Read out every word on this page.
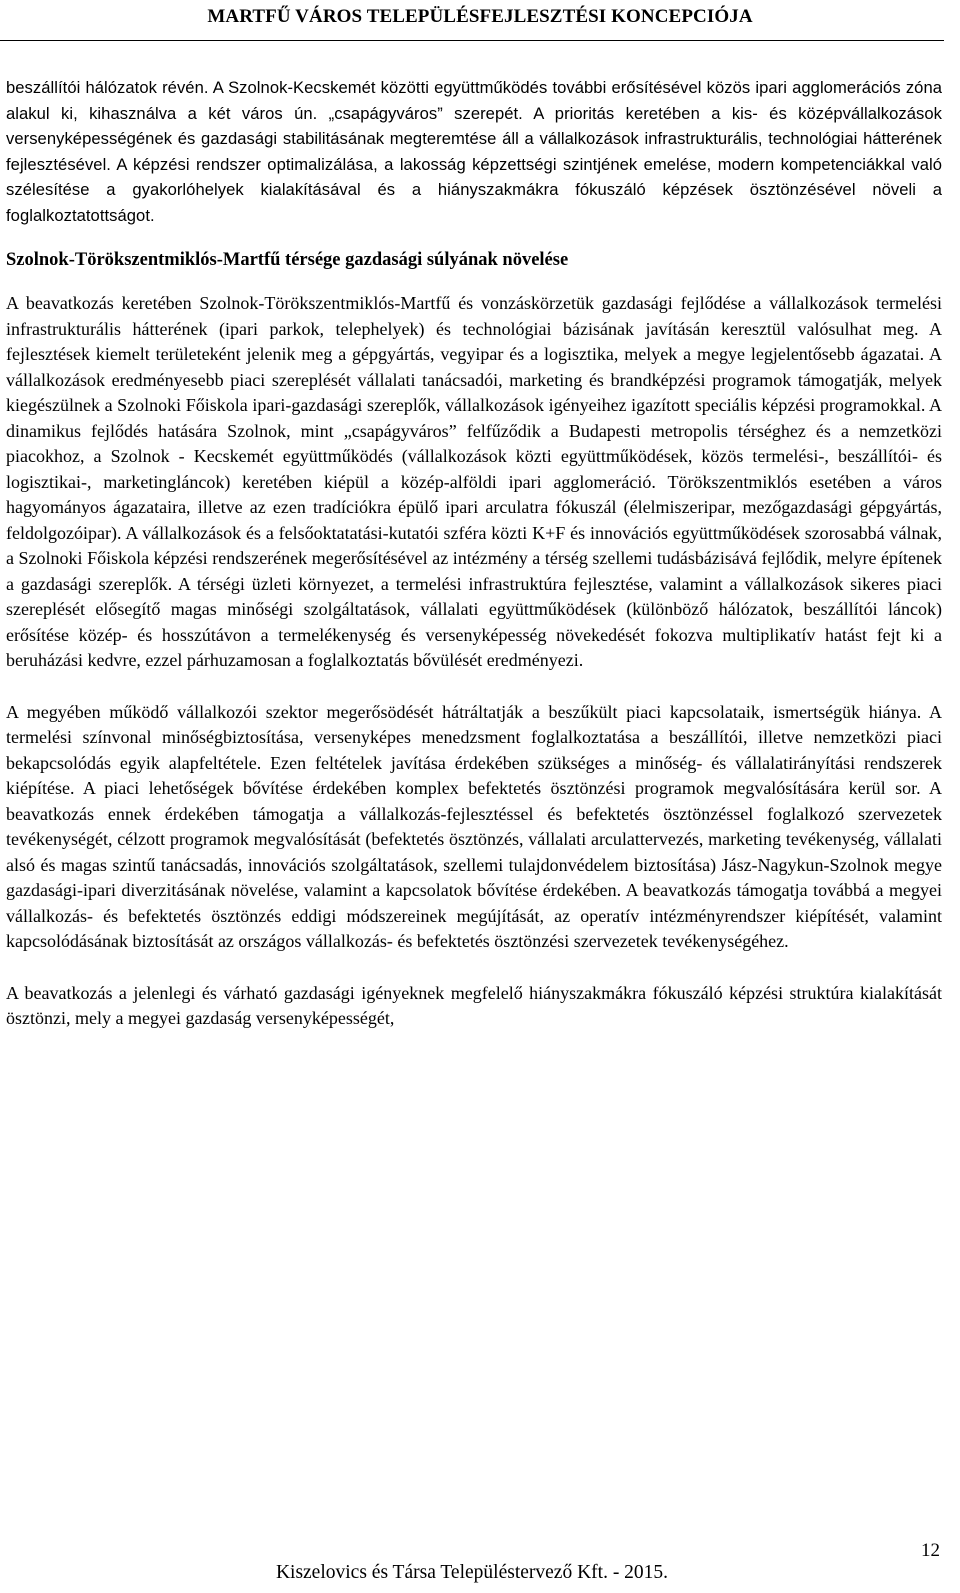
MARTFŰ VÁROS TELEPÜLÉSFEJLESZTÉSI KONCEPCIÓJA

beszállítói hálózatok révén. A Szolnok-Kecskemét közötti együttműködés további erősítésével közös ipari agglomerációs zóna alakul ki, kihasználva a két város ún. „csapágyváros” szerepét. A prioritás keretében a kis- és középvállalkozások versenyképességének és gazdasági stabilitásának megteremtése áll a vállalkozások infrastrukturális, technológiai hátterének fejlesztésével. A képzési rendszer optimalizálása, a lakosság képzettségi szintjének emelése, modern kompetenciákkal való szélesítése a gyakorlóhelyek kialakításával és a hiányszakmákra fókuszáló képzések ösztönzésével növeli a foglalkoztatottságot.

Szolnok-Törökszentmiklós-Martfű térsége gazdasági súlyának növelése

A beavatkozás keretében Szolnok-Törökszentmiklós-Martfű és vonzáskörzetük gazdasági fejlődése a vállalkozások termelési infrastrukturális hátterének (ipari parkok, telephelyek) és technológiai bázisának javításán keresztül valósulhat meg. A fejlesztések kiemelt területeként jelenik meg a gépgyártás, vegyipar és a logisztika, melyek a megye legjelentősebb ágazatai. A vállalkozások eredményesebb piaci szereplését vállalati tanácsadói, marketing és brandképzési programok támogatják, melyek kiegészülnek a Szolnoki Főiskola ipari-gazdasági szereplők, vállalkozások igényeihez igazított speciális képzési programokkal. A dinamikus fejlődés hatására Szolnok, mint „csapágyváros” felfűződik a Budapesti metropolis térséghez és a nemzetközi piacokhoz, a Szolnok - Kecskemét együttműködés (vállalkozások közti együttműködések, közös termelési-, beszállítói- és logisztikai-, marketingláncok) keretében kiépül a közép-alföldi ipari agglomeráció. Törökszentmiklós esetében a város hagyományos ágazataira, illetve az ezen tradíciókra épülő ipari arculatra fókuszál (élelmiszeripar, mezőgazdasági gépgyártás, feldolgozóipar). A vállalkozások és a felsőoktatatási-kutatói szféra közti K+F és innovációs együttműködések szorosabbá válnak, a Szolnoki Főiskola képzési rendszerének megerősítésével az intézmény a térség szellemi tudásbázisává fejlődik, melyre építenek a gazdasági szereplők. A térségi üzleti környezet, a termelési infrastruktúra fejlesztése, valamint a vállalkozások sikeres piaci szereplését elősegítő magas minőségi szolgáltatások, vállalati együttműködések (különböző hálózatok, beszállítói láncok) erősítése közép- és hosszútávon a termelékenység és versenyképesség növekedését fokozva multiplikatív hatást fejt ki a beruházási kedvre, ezzel párhuzamosan a foglalkoztatás bővülését eredményezi.

A megyében működő vállalkozói szektor megerősödését hátráltatják a beszűkült piaci kapcsolataik, ismertségük hiánya. A termelési színvonal minőségbiztosítása, versenyképes menedzsment foglalkoztatása a beszállítói, illetve nemzetközi piaci bekapcsolódás egyik alapfeltétele. Ezen feltételek javítása érdekében szükséges a minőség- és vállalatirányítási rendszerek kiépítése. A piaci lehetőségek bővítése érdekében komplex befektetés ösztönzési programok megvalósítására kerül sor. A beavatkozás ennek érdekében támogatja a vállalkozás-fejlesztéssel és befektetés ösztönzéssel foglalkozó szervezetek tevékenységét, célzott programok megvalósítását (befektetés ösztönzés, vállalati arculattervezés, marketing tevékenység, vállalati alsó és magas szintű tanácsadás, innovációs szolgáltatások, szellemi tulajdonvédelem biztosítása) Jász-Nagykun-Szolnok megye gazdasági-ipari diverzitásának növelése, valamint a kapcsolatok bővítése érdekében. A beavatkozás támogatja továbbá a megyei vállalkozás- és befektetés ösztönzés eddigi módszereinek megújítását, az operatív intézményrendszer kiépítését, valamint kapcsolódásának biztosítását az országos vállalkozás- és befektetés ösztönzési szervezetek tevékenységéhez.

A beavatkozás a jelenlegi és várható gazdasági igényeknek megfelelő hiányszakmákra fókuszáló képzési struktúra kialakítását ösztönzi, mely a megyei gazdaság versenyképességét,

12
Kiszelovics és Társa Településtervező Kft. - 2015.
